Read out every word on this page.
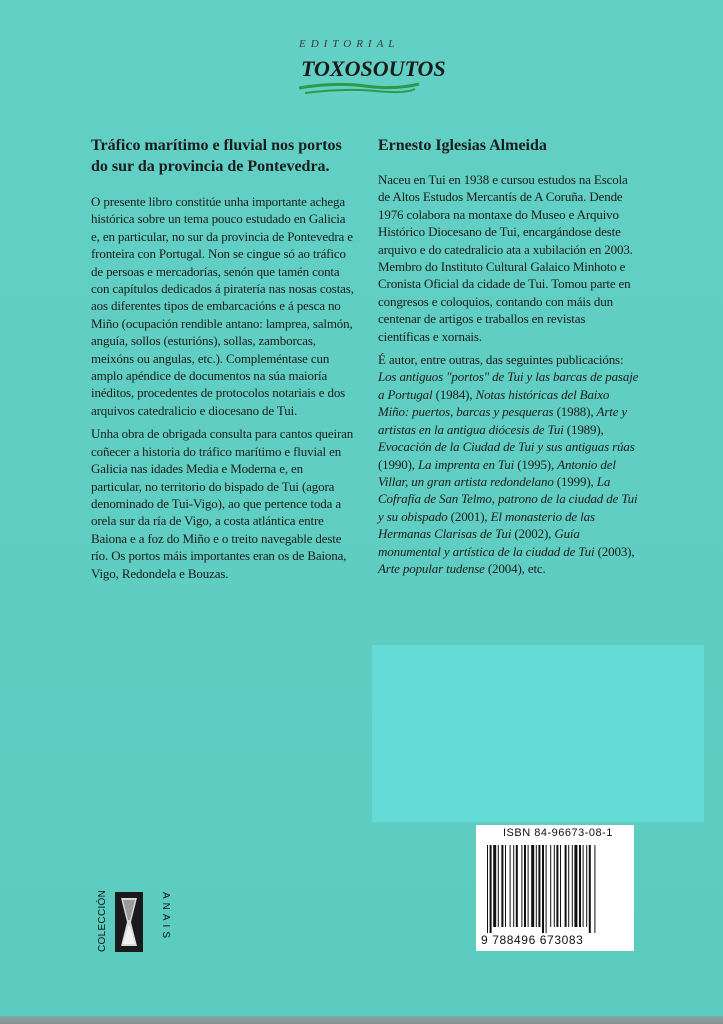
EDITORIAL
TOXOSOUTOS
Tráfico marítimo e fluvial nos portos do sur da provincia de Pontevedra.

O presente libro constitúe unha importante achega histórica sobre un tema pouco estudado en Galicia e, en particular, no sur da provincia de Pontevedra e fronteira con Portugal. Non se cingue só ao tráfico de persoas e mercadorías, senón que tamén conta con capítulos dedicados á piratería nas nosas costas, aos diferentes tipos de embarcacións e á pesca no Miño (ocupación rendible antano: lamprea, salmón, anguía, sollos (esturións), sollas, zamborcas, meixóns ou angulas, etc.). Compleméntase cun amplo apéndice de documentos na súa maioría inéditos, procedentes de protocolos notariais e dos arquivos catedralicio e diocesano de Tui.

Unha obra de obrigada consulta para cantos queiran coñecer a historia do tráfico marítimo e fluvial en Galicia nas idades Media e Moderna e, en particular, no territorio do bispado de Tui (agora denominado de Tui-Vigo), ao que pertence toda a orela sur da ría de Vigo, a costa atlántica entre Baiona e a foz do Miño e o treito navegable deste río. Os portos máis importantes eran os de Baiona, Vigo, Redondela e Bouzas.

Ernesto Iglesias Almeida

Naceu en Tui en 1938 e cursou estudos na Escola de Altos Estudos Mercantís de A Coruña. Dende 1976 colabora na montaxe do Museo e Arquivo Histórico Diocesano de Tui, encargándose deste arquivo e do catedralicio ata a xubilación en 2003. Membro do Instituto Cultural Galaico Minhoto e Cronista Oficial da cidade de Tui. Tomou parte en congresos e coloquios, contando con máis dun centenar de artigos e traballos en revistas científicas e xornais.

É autor, entre outras, das seguintes publicacións: Los antiguos "portos" de Tui y las barcas de pasaje a Portugal (1984), Notas históricas del Baixo Miño: puertos, barcas y pesqueras (1988), Arte y artistas en la antigua diócesis de Tui (1989), Evocación de la Ciudad de Tui y sus antiguas rúas (1990), La imprenta en Tui (1995), Antonio del Villar, un gran artista redondelano (1999), La Cofrafía de San Telmo, patrono de la ciudad de Tui y su obispado (2001), El monasterio de las Hermanas Clarisas de Tui (2002), Guía monumental y artística de la ciudad de Tui (2003), Arte popular tudense (2004), etc.

ISBN 84-96673-08-1
9 788496 673083
COLECCIÓN	ANAIS
